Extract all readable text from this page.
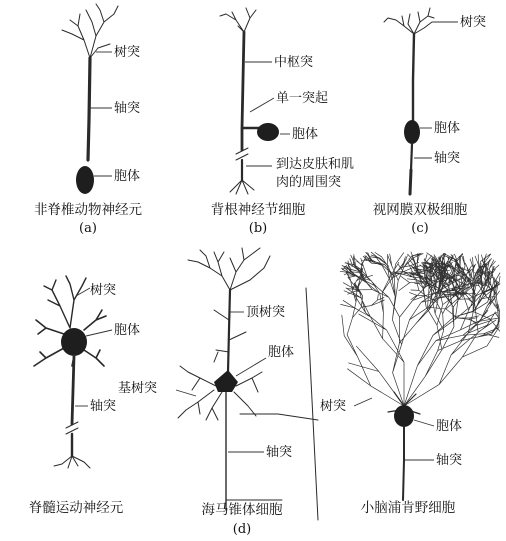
树突
轴突
胞体
非脊椎动物神经元
(a)
中枢突
单一突起
胞体
到达皮肤和肌 肉的周围突
背根神经节细胞
(b)
树突
胞体
轴突
视网膜双极细胞
(c)
树突
胞体
轴突
脊髓运动神经元
顶树突
胞体
基树突
轴突
海马锥体细胞
(d)
树突
胞体
轴突
小脑浦肯野细胞
